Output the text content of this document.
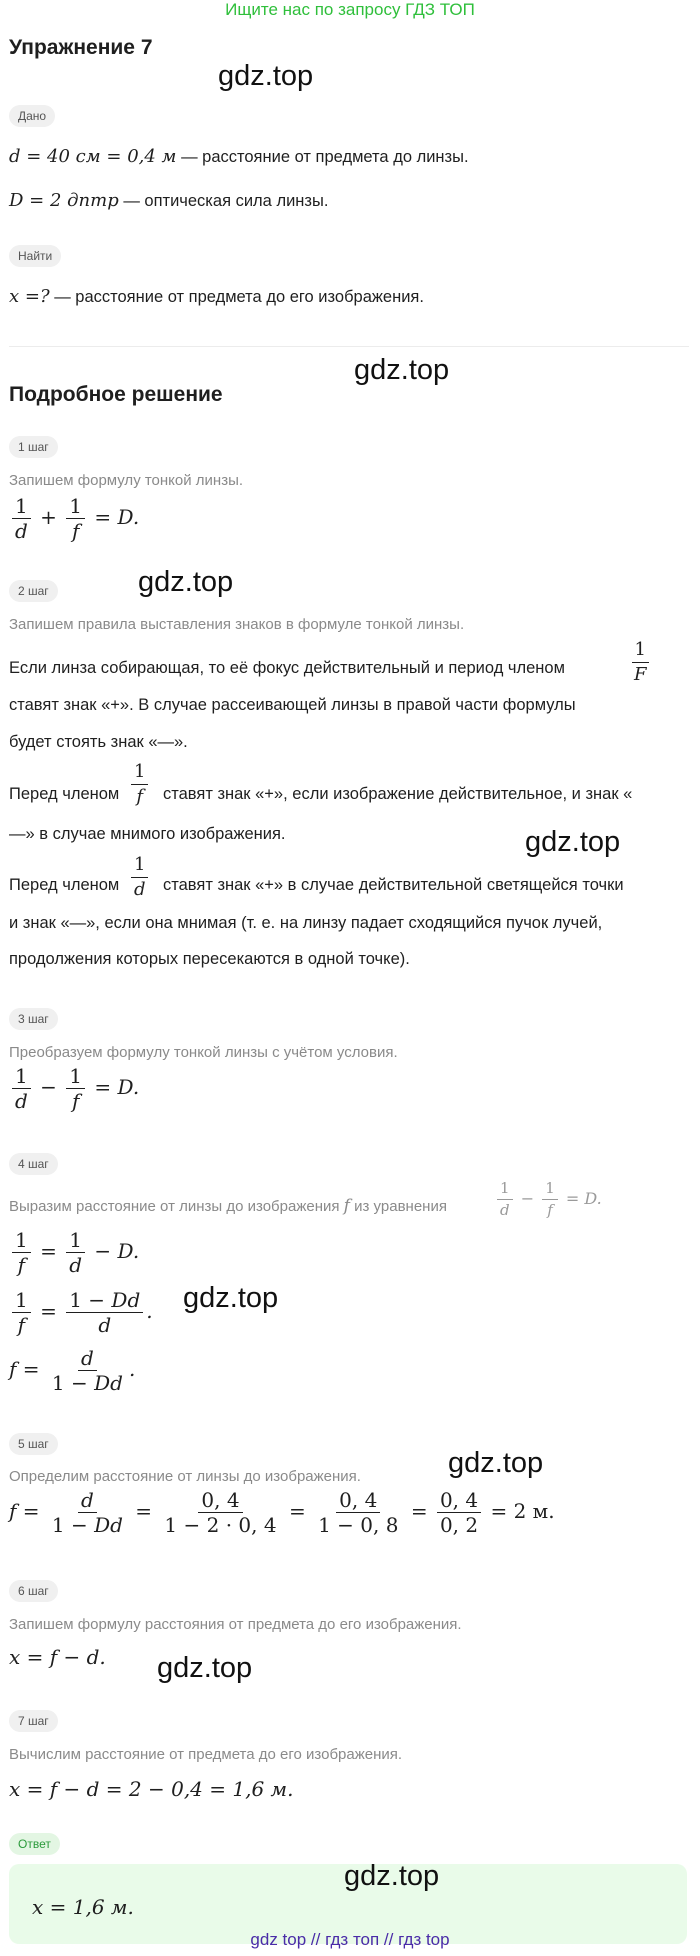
Ищите нас по запросу ГДЗ ТОП
Упражнение 7
gdz.top
Дано
d = 40 см = 0,4 м — расстояние от предмета до линзы.
D = 2 дптр — оптическая сила линзы.
Найти
x =? — расстояние от предмета до его изображения.
gdz.top
Подробное решение
1 шаг
Запишем формулу тонкой линзы.
$\frac{1}{d} + \frac{1}{f} = D$.
2 шаг	gdz.top
Запишем правила выставления знаков в формуле тонкой линзы.
Если линза собирающая, то её фокус действительный и период членом	$\frac{1}{F}$
ставят знак «+». В случае рассеивающей линзы в правой части формулы
будет стоять знак «—».
Перед членом $\frac{1}{f}$ ставят знак «+», если изображение действительное, и знак «
—» в случае мнимого изображения.	gdz.top
Перед членом $\frac{1}{d}$ ставят знак «+» в случае действительной светящейся точки
и знак «—», если она мнимая (т. е. на линзу падает сходящийся пучок лучей,
продолжения которых пересекаются в одной точке).
3 шаг
Преобразуем формулу тонкой линзы с учётом условия.
$\frac{1}{d} - \frac{1}{f} = D$.
4 шаг
Выразим расстояние от линзы до изображения f из уравнения	$\frac{1}{d} - \frac{1}{f} = D$.
$\frac{1}{f} = \frac{1}{d} - D$.
$\frac{1}{f} = \frac{1 - Dd}{d}$ . gdz.top
$f = \frac{d}{1 - Dd}$ .
5 шаг
gdz.top
Определим расстояние от линзы до изображения.
$f = \frac{d}{1 - Dd} = \frac{0, 4}{1 - 2 \cdot 0, 4} = \frac{0, 4}{1 - 0, 8} = \frac{0, 4}{0, 2} = 2$ м.
6 шаг
Запишем формулу расстояния от предмета до его изображения.
x = f − d. gdz.top
7 шаг
Вычислим расстояние от предмета до его изображения.
x = f − d = 2 − 0,4 = 1,6 м.
Ответ
gdz.top
x = 1,6 м.
gdz top // гдз топ // гдз top
